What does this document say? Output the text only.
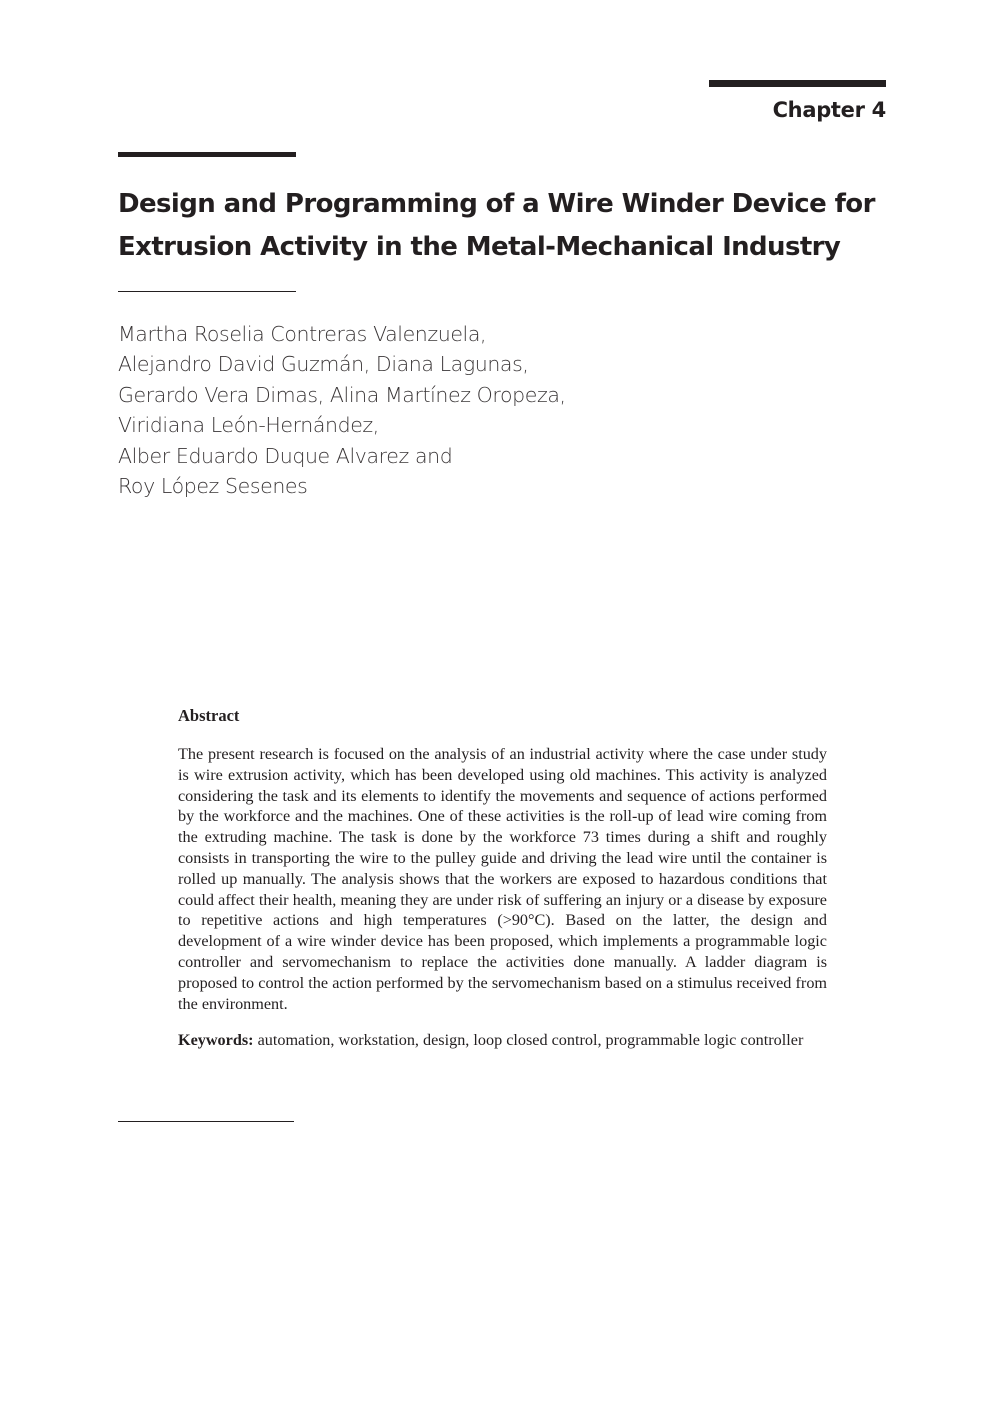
Chapter 4
Design and Programming of a Wire Winder Device for
Extrusion Activity in the Metal-Mechanical Industry
Martha Roselia Contreras Valenzuela,
Alejandro David Guzmán, Diana Lagunas,
Gerardo Vera Dimas, Alina Martínez Oropeza,
Viridiana León-Hernández,
Alber Eduardo Duque Alvarez and
Roy López Sesenes

Abstract

The present research is focused on the analysis of an industrial activity where the case under study is wire extrusion activity, which has been developed using old machines. This activity is analyzed considering the task and its elements to identify the movements and sequence of actions performed by the workforce and the machines. One of these activities is the roll-up of lead wire coming from the extruding machine. The task is done by the workforce 73 times during a shift and roughly consists in transporting the wire to the pulley guide and driving the lead wire until the container is rolled up manually. The analysis shows that the workers are exposed to hazardous conditions that could affect their health, meaning they are under risk of suffering an injury or a disease by exposure to repetitive actions and high temperatures (>90°C). Based on the latter, the design and development of a wire winder device has been proposed, which implements a programmable logic controller and servomechanism to replace the activities done manually. A ladder diagram is proposed to control the action performed by the servomechanism based on a stimulus received from the environment.

Keywords: automation, workstation, design, loop closed control, programmable logic controller
